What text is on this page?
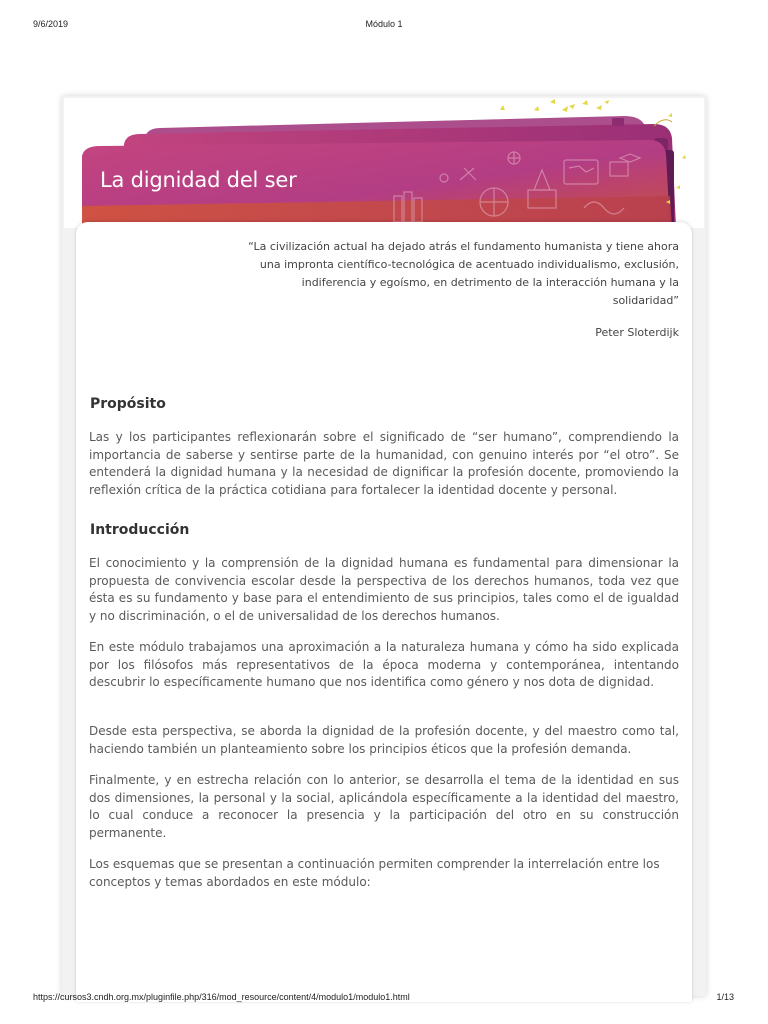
9/6/2019	Módulo 1
La dignidad del ser

“La civilización actual ha dejado atrás el fundamento humanista y tiene ahora una impronta científico-tecnológica de acentuado individualismo, exclusión, indiferencia y egoísmo, en detrimento de la interacción humana y la solidaridad”

Peter Sloterdijk

Propósito

Las y los participantes reflexionarán sobre el significado de “ser humano”, comprendiendo la importancia de saberse y sentirse parte de la humanidad, con genuino interés por “el otro”. Se entenderá la dignidad humana y la necesidad de dignificar la profesión docente, promoviendo la reflexión crítica de la práctica cotidiana para fortalecer la identidad docente y personal.

Introducción

El conocimiento y la comprensión de la dignidad humana es fundamental para dimensionar la propuesta de convivencia escolar desde la perspectiva de los derechos humanos, toda vez que ésta es su fundamento y base para el entendimiento de sus principios, tales como el de igualdad y no discriminación, o el de universalidad de los derechos humanos.

En este módulo trabajamos una aproximación a la naturaleza humana y cómo ha sido explicada por los filósofos más representativos de la época moderna y contemporánea, intentando descubrir lo específicamente humano que nos identifica como género y nos dota de dignidad.

Desde esta perspectiva, se aborda la dignidad de la profesión docente, y del maestro como tal, haciendo también un planteamiento sobre los principios éticos que la profesión demanda.

Finalmente, y en estrecha relación con lo anterior, se desarrolla el tema de la identidad en sus dos dimensiones, la personal y la social, aplicándola específicamente a la identidad del maestro, lo cual conduce a reconocer la presencia y la participación del otro en su construcción permanente.

Los esquemas que se presentan a continuación permiten comprender la interrelación entre los conceptos y temas abordados en este módulo:

https://cursos3.cndh.org.mx/pluginfile.php/316/mod_resource/content/4/modulo1/modulo1.html	1/13
